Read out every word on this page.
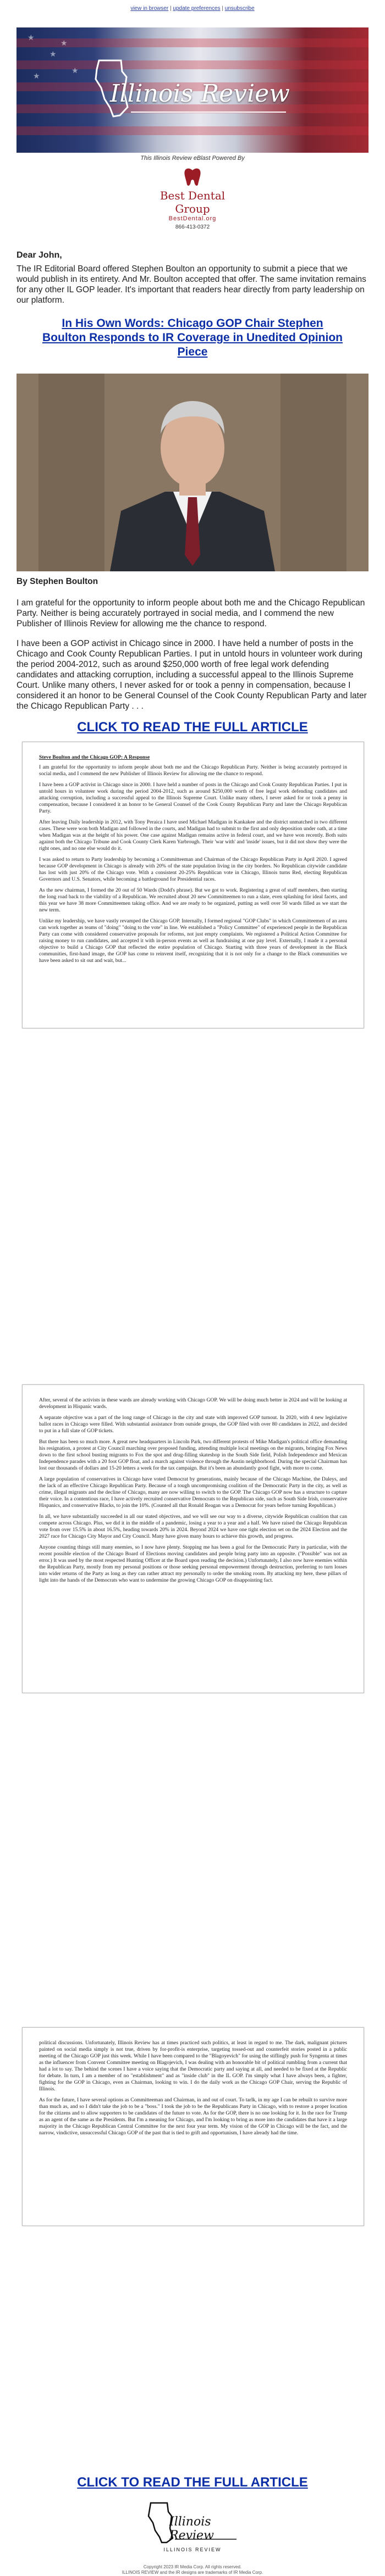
view in browser | update preferences | unsubscribe
★
★
★
★
★
Illinois Review
This Illinois Review eBlast Powered By
Best Dental Group
BestDental.org
866-413-0372
Dear John,
The IR Editorial Board offered Stephen Boulton an opportunity to submit a piece that we would publish in its entirety. And Mr. Boulton accepted that offer. The same invitation remains for any other IL GOP leader. It's important that readers hear directly from party leadership on our platform.
In His Own Words: Chicago GOP Chair Stephen Boulton Responds to IR Coverage in Unedited Opinion Piece
By Stephen Boulton
I am grateful for the opportunity to inform people about both me and the Chicago Republican Party. Neither is being accurately portrayed in social media, and I commend the new Publisher of Illinois Review for allowing me the chance to respond.
I have been a GOP activist in Chicago since in 2000. I have held a number of posts in the Chicago and Cook County Republican Parties. I put in untold hours in volunteer work during the period 2004-2012, such as around $250,000 worth of free legal work defending candidates and attacking corruption, including a successful appeal to the Illinois Supreme Court. Unlike many others, I never asked for or took a penny in compensation, because I considered it an honor to be General Counsel of the Cook County Republican Party and later the Chicago Republican Party . . .
CLICK TO READ THE FULL ARTICLE
Steve Boulton and the Chicago GOP: A Response

I am grateful for the opportunity to inform people about both me and the Chicago Republican Party. Neither is being accurately portrayed in social media, and I commend the new Publisher of Illinois Review for allowing me the chance to respond.

I have been a GOP activist in Chicago since in 2000. I have held a number of posts in the Chicago and Cook County Republican Parties. I put in untold hours in volunteer work during the period 2004-2012, such as around $250,000 worth of free legal work defending candidates and attacking corruption, including a successful appeal to the Illinois Supreme Court. Unlike many others, I never asked for or took a penny in compensation, because I considered it an honor to be General Counsel of the Cook County Republican Party and later the Chicago Republican Party.

After leaving Daily leadership in 2012, with Tony Peraica I have used Michael Madigan in Kankakee and the district unmatched in two different cases. These were won both Madigan and followed in the courts, and Madigan had to submit to the first and only deposition under oath, at a time when Madigan was at the height of his power. One case against Madigan remains active in federal court, and we have won recently. Both suits against both the Chicago Tribune and Cook County Clerk Karen Yarbrough. Their 'war with' and 'inside' issues, but it did not show they were the right ones, and no one else would do it.

I was asked to return to Party leadership by becoming a Committeeman and Chairman of the Chicago Republican Party in April 2020. I agreed because GOP development in Chicago is already with 20% of the state population living in the city borders. No Republican citywide candidate has lost with just 20% of the Chicago vote. With a consistent 20-25% Republican vote in Chicago, Illinois turns Red, electing Republican Governors and U.S. Senators, while becoming a battleground for Presidential races.

As the new chairman, I formed the 20 out of 50 Wards (Dodd's phrase). But we got to work. Registering a great of staff members, then starting the long road back to the viability of a Republican. We recruited about 20 new Committeemen to run a slate, even splashing for ideal facets, and this year we have 38 more Committeemen taking office. And we are ready to be organized, putting as well over 50 wards filled as we start the new term.

Unlike my leadership, we have vastly revamped the Chicago GOP. Internally, I formed regional "GOP Clubs" in which Committeemen of an area can work together as teams of "doing" "doing to the vote" in line. We established a "Policy Committee" of experienced people in the Republican Party can come with considered conservative proposals for reforms, not just empty complaints. We registered a Political Action Committee for raising money to run candidates, and accepted it with in-person events as well as fundraising at one pay level. Externally, I made it a personal objective to build a Chicago GOP that reflected the entire population of Chicago. Starting with three years of development in the Black communities, first-hand image, the GOP has come to reinvent itself, recognizing that it is not only for a change to the Black communities we have been asked to sit out and wait, but...

After, several of the activists in these wards are already working with Chicago GOP. We will be doing much better in 2024 and will be looking at development in Hispanic wards.

A separate objective was a part of the long range of Chicago in the city and state with improved GOP turnout. In 2020, with 4 new legislative ballot races in Chicago were filled. With substantial assistance from outside groups, the GOP filed with over 80 candidates in 2022, and decided to put in a full slate of GOP tickets.

But there has been so much more. A great new headquarters in Lincoln Park, two different protests of Mike Madigan's political office demanding his resignation, a protest at City Council marching over proposed funding, attending multiple local meetings on the migrants, bringing Fox News down to the first school busting migrants to Fox the spot and drug-filling skateshop in the South Side field, Polish Independence and Mexican Independence parades with a 20 foot GOP float, and a march against violence through the Austin neighborhood. During the special Chairman has lost our thousands of dollars and 15-20 letters a week for the tax campaign. But it's been an abundantly good fight, with more to come.

A large population of conservatives in Chicago have voted Democrat by generations, mainly because of the Chicago Machine, the Daleys, and the lack of an effective Chicago Republican Party. Because of a tough uncompromising coalition of the Democratic Party in the city, as well as crime, illegal migrants and the decline of Chicago, many are now willing to switch to the GOP. The Chicago GOP now has a structure to capture their voice. In a contentious race, I have actively recruited conservative Democrats to the Republican side, such as South Side Irish, conservative Hispanics, and conservative Blacks, to join the 10%. (Counted all that Ronald Reagan was a Democrat for years before turning Republican.)

In all, we have substantially succeeded in all our stated objectives, and we will see our way to a diverse, citywide Republican coalition that can compete across Chicago. Plus, we did it in the middle of a pandemic, losing a year to a year and a half. We have raised the Chicago Republican vote from over 15.5% in about 16.5%, heading towards 20% in 2024. Beyond 2024 we have one tight election set on the 2024 Election and the 2027 race for Chicago City Mayor and City Council. Many have given many hours to achieve this growth, and progress.

Anyone counting things still many enemies, so I now have plenty. Stopping me has been a goal for the Democratic Party in particular, with the recent possible election of the Chicago Board of Elections moving candidates and people bring party into an opposite. ("Possible" was not an error.) It was used by the most respected Hunting Officer at the Board upon reading the decision.) Unfortunately, I also now have enemies within the Republican Party, mostly from my personal positions or those seeking personal empowerment through destruction, preferring to turn losses into wider returns of the Party as long as they can rather attract my personally to order the smoking room. By attacking my here, these pillars of light into the hands of the Democrats who want to undermine the growing Chicago GOP on disappointing fact.

political discussions. Unfortunately, Illinois Review has at times practiced such politics, at least in regard to me. The dark, malignant pictures painted on social media simply is not true, driven by for-profit-is enterprise, targeting tossed-out and counterfeit stories posted in a public meeting of the Chicago GOP just this week. While I have been compared to the "Blagoyevich" for using the stiflingly push for Syngenta at times as the influencer from Convent Committee meeting on Blagojevich, I was dealing with an honorable bit of political rumbling from a current that had a lot to say. The behind the scenes I have a voice saying that the Democratic party and saying at all, and needed to be fixed at the Republic for debate. In turn, I am a member of no "establishment" and as "inside club" in the IL GOP. I'm simply what I have always been, a fighter, fighting for the GOP in Chicago, even as Chairman, looking to win. I do the daily work as the Chicago GOP Chair, serving the Republic of Illinois.

As for the future, I have several options as Committeeman and Chairman, in and out of court. To tarlk, in my age I can be rebuilt to survive more than much as, and so I didn't take the job to be a "boss." I took the job to be the Republicans Party in Chicago, with to restore a proper location for the citizens and to allow supporters to be candidates of the future to vote. As for the GOP, there is no one looking for it. In the race for Trump as an agent of the same as the Presidents. But I'm a meaning for Chicago, and I'm looking to bring as more into the candidates that have it a large majority in the Chicago Republican Central Committee for the next four year term. My vision of the GOP in Chicago will be the fact, and the narrow, vindictive, unsuccessful Chicago GOP of the past that is tied to grift and opportunism, I have already had the time.

CLICK TO READ THE FULL ARTICLE
Illinois Review
ILLINOIS REVIEW
Copyright 2023 IR Media Corp. All rights reserved.
ILLINOIS REVIEW and the IR designs are trademarks of IR Media Corp.
